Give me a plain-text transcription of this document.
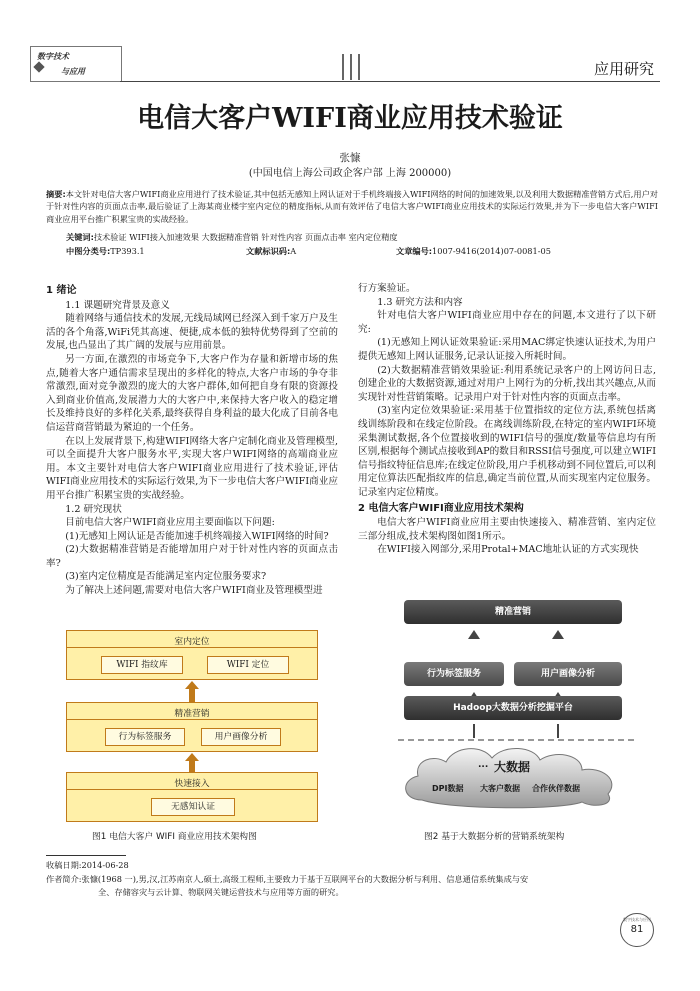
数字技术
与应用	应用研究
电信大客户WIFI商业应用技术验证
张慷
(中国电信上海公司政企客户部 上海 200000)
摘要:本文针对电信大客户WIFI商业应用进行了技术验证,其中包括无感知上网认证对于手机终端接入WIFI网络的时间的加速效果,以及利用大数据精准营销方式后,用户对于针对性内容的页面点击率,最后验证了上海某商业楼宇室内定位的精度指标,从而有效评估了电信大客户WIFI商业应用技术的实际运行效果,并为下一步电信大客户WIFI商业应用平台推广积累宝贵的实战经验。
关键词:技术验证 WIFI接入加速效果 大数据精准营销 针对性内容 页面点击率 室内定位精度
中图分类号:TP393.1	文献标识码:A	文章编号:1007-9416(2014)07-0081-05

1 绪论

1.1 课题研究背景及意义

随着网络与通信技术的发展,无线局域网已经深入到千家万户及生活的各个角落,WiFi凭其高速、便捷,成本低的独特优势得到了空前的发展,也凸显出了其广阔的发展与应用前景。

另一方面,在激烈的市场竞争下,大客户作为存量和新增市场的焦点,随着大客户通信需求呈现出的多样化的特点,大客户市场的争夺非常激烈,面对竞争激烈的庞大的大客户群体,如何把自身有限的资源投入到商业价值高,发展潜力大的大客户中,来保持大客户收入的稳定增长及维持良好的多样化关系,最终获得自身利益的最大化成了目前各电信运营商营销最为紧迫的一个任务。

在以上发展背景下,构建WIFI网络大客户定制化商业及管理模型,可以全面提升大客户服务水平,实现大客户WIFI网络的高端商业应用。本文主要针对电信大客户WIFI商业应用进行了技术验证,评估WIFI商业应用技术的实际运行效果,为下一步电信大客户WIFI商业应用平台推广积累宝贵的实战经验。

1.2 研究现状

目前电信大客户WIFI商业应用主要面临以下问题:

(1)无感知上网认证是否能加速手机终端接入WIFI网络的时间?

(2)大数据精准营销是否能增加用户对于针对性内容的页面点击率?

(3)室内定位精度是否能满足室内定位服务要求?

为了解决上述问题,需要对电信大客户WIFI商业及管理模型进

行方案验证。

1.3 研究方法和内容

针对电信大客户WIFI商业应用中存在的问题,本文进行了以下研究:

(1)无感知上网认证效果验证:采用MAC绑定快速认证技术,为用户提供无感知上网认证服务,记录认证接入所耗时间。

(2)大数据精准营销效果验证:利用系统记录客户的上网访问日志,创建企业的大数据资源,通过对用户上网行为的分析,找出其兴趣点,从而实现针对性营销策略。记录用户对于针对性内容的页面点击率。

(3)室内定位效果验证:采用基于位置指纹的定位方法,系统包括离线训练阶段和在线定位阶段。在离线训练阶段,在特定的室内WIFI环境采集测试数据,各个位置接收到的WIFI信号的强度/数量等信息均有所区别,根据每个测试点接收到AP的数目和RSSI信号强度,可以建立WIFI信号指纹特征信息库;在线定位阶段,用户手机移动到不同位置后,可以利用定位算法匹配指纹库的信息,确定当前位置,从而实现室内定位服务。记录室内定位精度。

2 电信大客户WIFI商业应用技术架构

电信大客户WIFI商业应用主要由快速接入、精准营销、室内定位三部分组成,技术架构图如图1所示。

在WIFI接入网部分,采用Protal+MAC地址认证的方式实现快

室内定位
WIFI 指纹库	WIFI 定位
精准营销
行为标签服务	用户画像分析
快速接入
无感知认证
图1 电信大客户 WIFI 商业应用技术架构图
精准营销
行为标签服务	用户画像分析
Hadoop大数据分析挖掘平台
... 大数据
DPI数据 大客户数据 合作伙伴数据
图2 基于大数据分析的营销系统架构
收稿日期:2014-06-28
作者简介:张慷(1968 一),男,汉,江苏南京人,硕士,高级工程师,主要致力于基于互联网平台的大数据分析与利用、信息通信系统集成与安
全、存储容灾与云计算、物联网关键运营技术与应用等方面的研究。
数字技术与应用
81
